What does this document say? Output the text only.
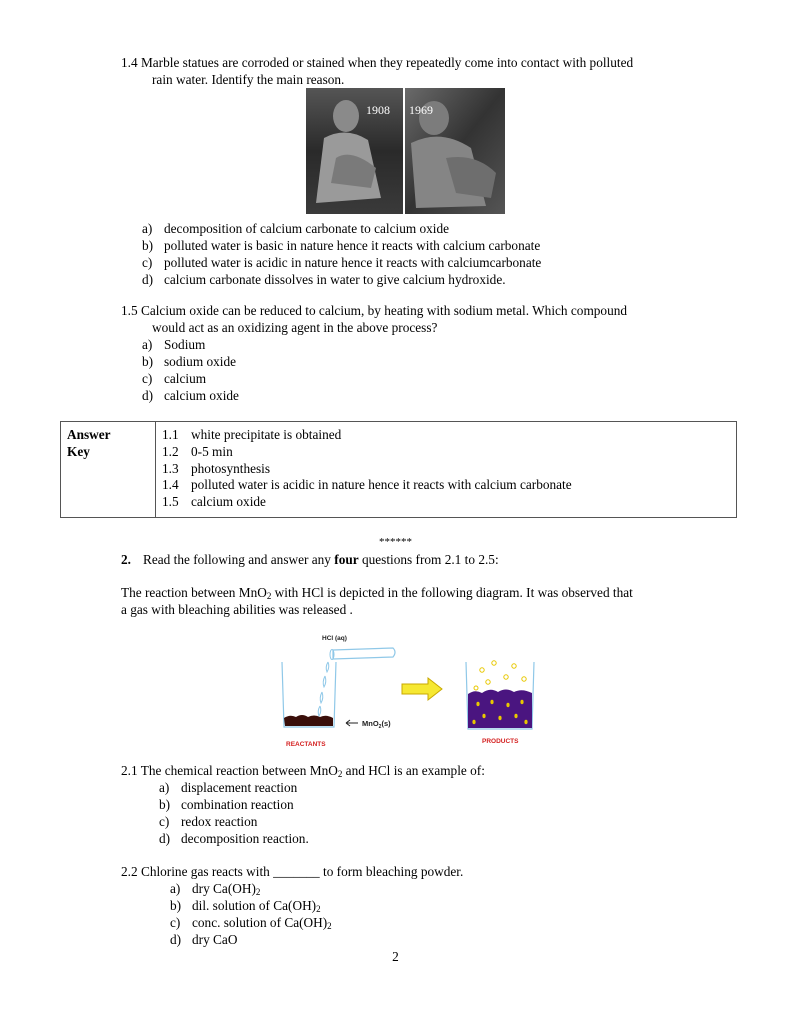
1.4 Marble statues are corroded or stained when they repeatedly come into contact with polluted
rain water. Identify the main reason.
1908 1969
a) decomposition of calcium carbonate to calcium oxide
b) polluted water is basic in nature hence it reacts with calcium carbonate
c) polluted water is acidic in nature hence it reacts with calciumcarbonate
d) calcium carbonate dissolves in water to give calcium hydroxide.
1.5 Calcium oxide can be reduced to calcium, by heating with sodium metal. Which compound
would act as an oxidizing agent in the above process?
a) Sodium
b) sodium oxide
c) calcium
d) calcium oxide
Answer
Key

1.1 white precipitate is obtained
1.2 0-5 min
1.3 photosynthesis
1.4 polluted water is acidic in nature hence it reacts with calcium carbonate
1.5 calcium oxide
******
2. Read the following and answer any four questions from 2.1 to 2.5:
The reaction between MnO$_2$ with HCl is depicted in the following diagram. It was observed that
a gas with bleaching abilities was released .
HCl (aq)
MnO$_2$(s)
REACTANTS	PRODUCTS
2.1 The chemical reaction between MnO$_2$ and HCl is an example of:
a) displacement reaction
b) combination reaction
c) redox reaction
d) decomposition reaction.
2.2 Chlorine gas reacts with _______ to form bleaching powder.
a) dry $Ca(OH)_2$
b) dil. solution of $Ca(OH)_2$
c) conc. solution of $Ca(OH)_2$
d) dry CaO
2
